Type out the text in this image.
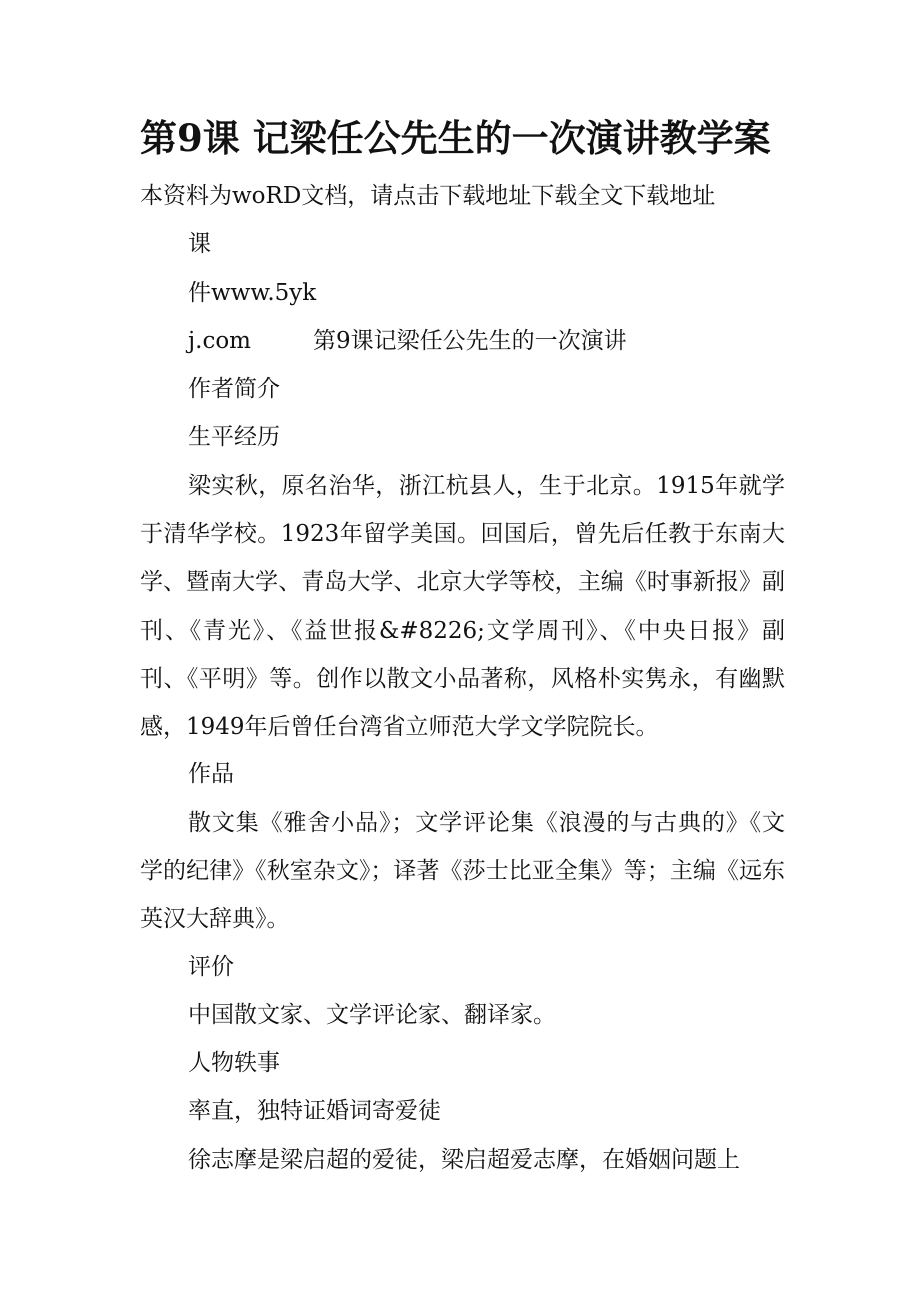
第9课 记梁任公先生的一次演讲教学案
本资料为woRD文档，请点击下载地址下载全文下载地址
课
件www.5yk
j.com	第9课记梁任公先生的一次演讲
作者简介
生平经历
梁实秋，原名治华，浙江杭县人，生于北京。1915年就学于清华学校。1923年留学美国。回国后，曾先后任教于东南大学、暨南大学、青岛大学、北京大学等校，主编《时事新报》副刊、《青光》、《益世报&#8226;文学周刊》、《中央日报》副刊、《平明》等。创作以散文小品著称，风格朴实隽永，有幽默感，1949年后曾任台湾省立师范大学文学院院长。
作品
散文集《雅舍小品》；文学评论集《浪漫的与古典的》《文学的纪律》《秋室杂文》；译著《莎士比亚全集》等；主编《远东英汉大辞典》。
评价
中国散文家、文学评论家、翻译家。
人物轶事
率直，独特证婚词寄爱徒
徐志摩是梁启超的爱徒，梁启超爱志摩，在婚姻问题上
